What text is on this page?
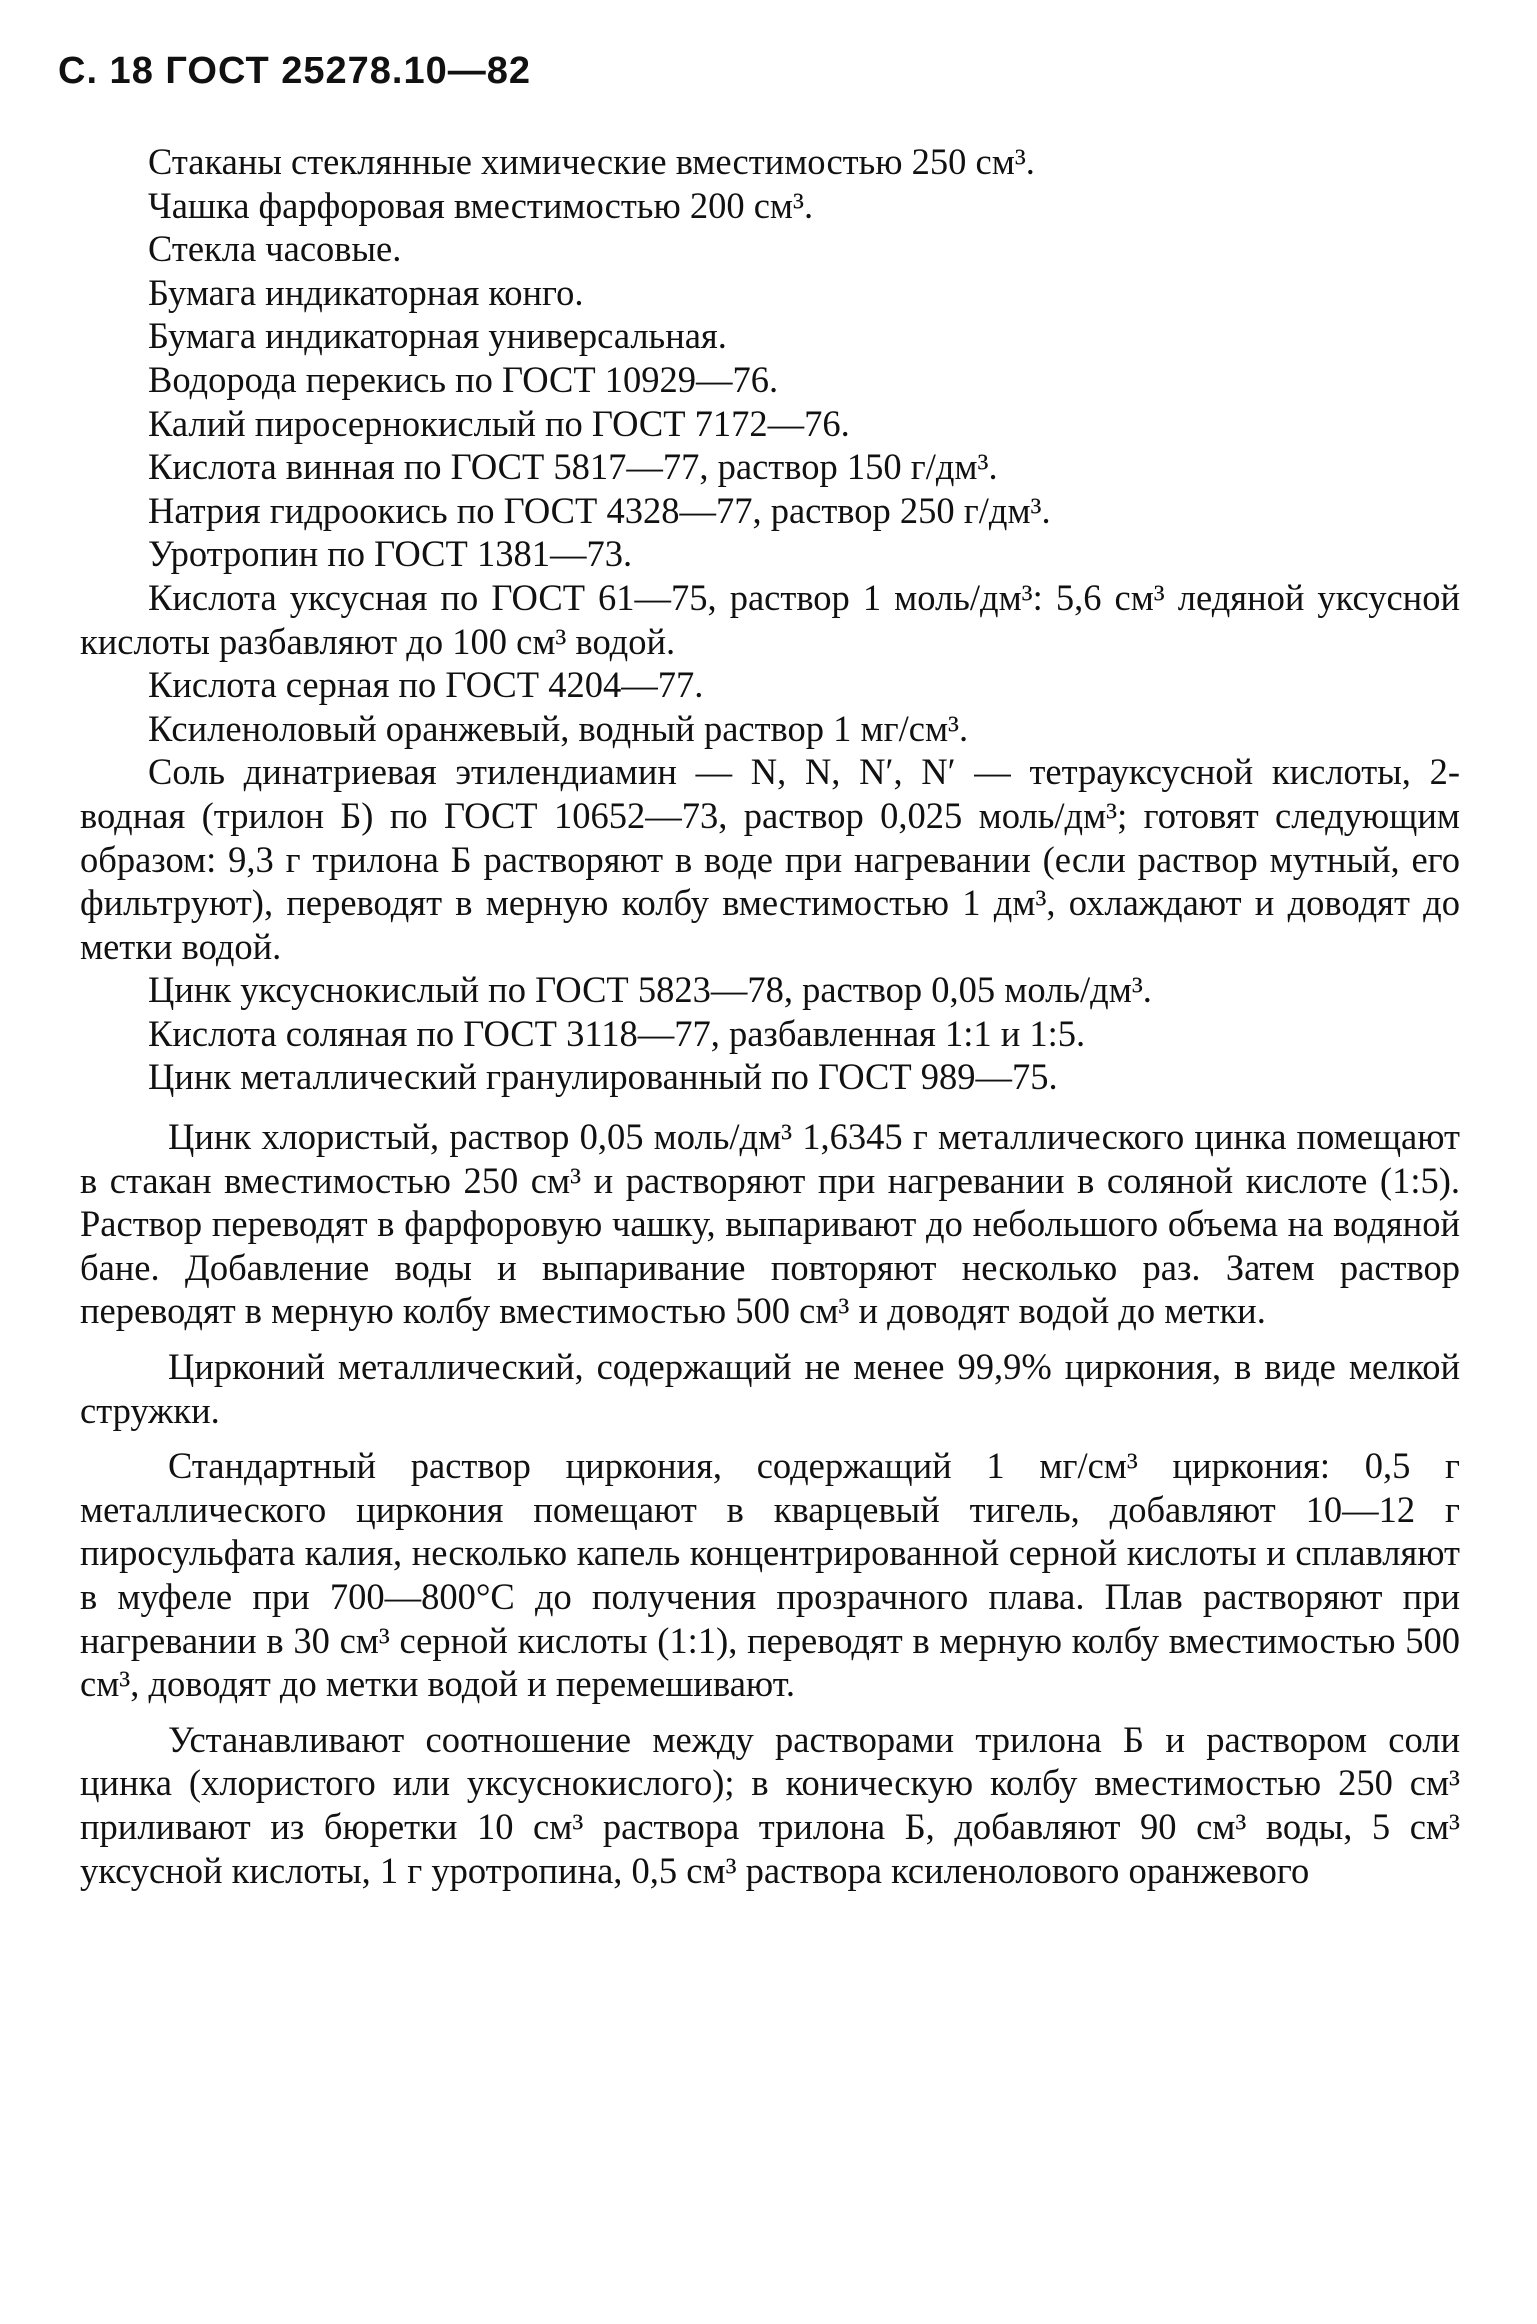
С. 18 ГОСТ 25278.10—82

Стаканы стеклянные химические вместимостью 250 см³.

Чашка фарфоровая вместимостью 200 см³.

Стекла часовые.

Бумага индикаторная конго.

Бумага индикаторная универсальная.

Водорода перекись по ГОСТ 10929—76.

Калий пиросернокислый по ГОСТ 7172—76.

Кислота винная по ГОСТ 5817—77, раствор 150 г/дм³.

Натрия гидроокись по ГОСТ 4328—77, раствор 250 г/дм³.

Уротропин по ГОСТ 1381—73.

Кислота уксусная по ГОСТ 61—75, раствор 1 моль/дм³: 5,6 см³ ледяной уксусной кислоты разбавляют до 100 см³ водой.

Кислота серная по ГОСТ 4204—77.

Ксиленоловый оранжевый, водный раствор 1 мг/см³.

Соль динатриевая этилендиамин — N, N, N′, N′ — тетрауксусной кислоты, 2-водная (трилон Б) по ГОСТ 10652—73, раствор 0,025 моль/дм³; готовят следующим образом: 9,3 г трилона Б растворяют в воде при нагревании (если раствор мутный, его фильтруют), переводят в мерную колбу вместимостью 1 дм³, охлаждают и доводят до метки водой.

Цинк уксуснокислый по ГОСТ 5823—78, раствор 0,05 моль/дм³.

Кислота соляная по ГОСТ 3118—77, разбавленная 1:1 и 1:5.

Цинк металлический гранулированный по ГОСТ 989—75.

Цинк хлористый, раствор 0,05 моль/дм³ 1,6345 г металлического цинка помещают в стакан вместимостью 250 см³ и растворяют при нагревании в соляной кислоте (1:5). Раствор переводят в фарфоровую чашку, выпаривают до небольшого объема на водяной бане. Добавление воды и выпаривание повторяют несколько раз. Затем раствор переводят в мерную колбу вместимостью 500 см³ и доводят водой до метки.

Цирконий металлический, содержащий не менее 99,9% циркония, в виде мелкой стружки.

Стандартный раствор циркония, содержащий 1 мг/см³ циркония: 0,5 г металлического циркония помещают в кварцевый тигель, добавляют 10—12 г пиросульфата калия, несколько капель концентрированной серной кислоты и сплавляют в муфеле при 700—800°С до получения прозрачного плава. Плав растворяют при нагревании в 30 см³ серной кислоты (1:1), переводят в мерную колбу вместимостью 500 см³, доводят до метки водой и перемешивают.

Устанавливают соотношение между растворами трилона Б и раствором соли цинка (хлористого или уксуснокислого); в коническую колбу вместимостью 250 см³ приливают из бюретки 10 см³ раствора трилона Б, добавляют 90 см³ воды, 5 см³ уксусной кислоты, 1 г уротропина, 0,5 см³ раствора ксиленолового оранжевого
